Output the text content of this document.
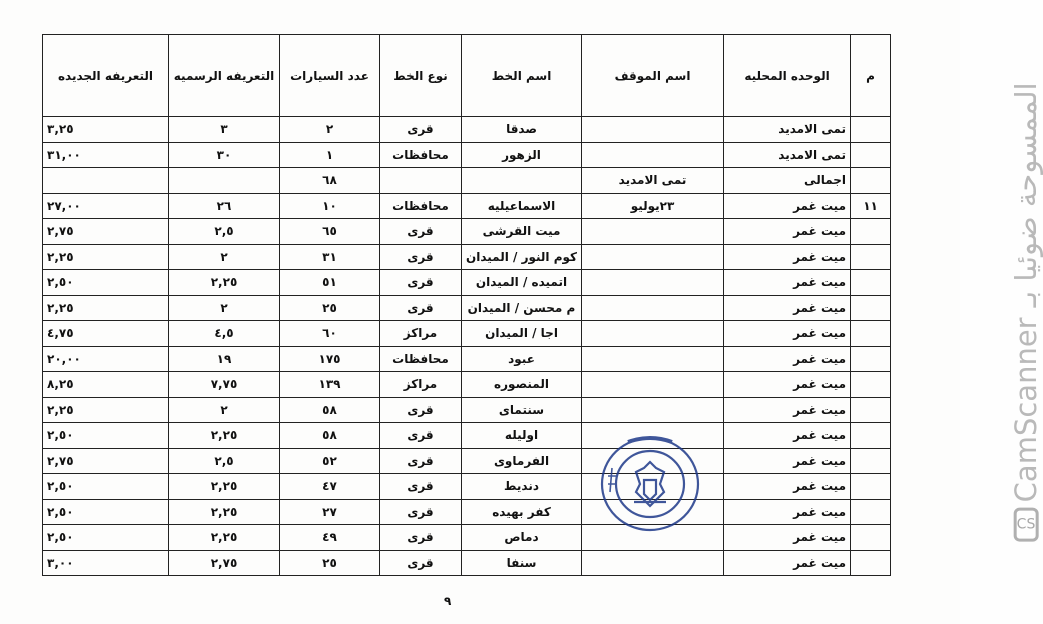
م	الوحده المحليه	اسم الموقف	اسم الخط	نوع الخط	عدد السيارات	التعريفه الرسميه	التعريفه الجديده
	تمى الامديد		صدقا	قرى	٢	٣	٣,٢٥
	تمى الامديد		الزهور	محافظات	١	٣٠	٣١,٠٠
	اجمالى	تمى الامديد			٦٨		
١١	ميت غمر	٢٣يوليو	الاسماعيليه	محافظات	١٠	٢٦	٢٧,٠٠
	ميت غمر		ميت القرشى	قرى	٦٥	٢,٥	٢,٧٥
	ميت غمر		كوم النور / الميدان	قرى	٣١	٢	٢,٢٥
	ميت غمر		اتميده / الميدان	قرى	٥١	٢,٢٥	٢,٥٠
	ميت غمر		م محسن / الميدان	قرى	٢٥	٢	٢,٢٥
	ميت غمر		اجا / الميدان	مراكز	٦٠	٤,٥	٤,٧٥
	ميت غمر		عبود	محافظات	١٧٥	١٩	٢٠,٠٠
	ميت غمر		المنصوره	مراكز	١٣٩	٧,٧٥	٨,٢٥
	ميت غمر		سنتماى	قرى	٥٨	٢	٢,٢٥
	ميت غمر		اوليله	قرى	٥٨	٢,٢٥	٢,٥٠
	ميت غمر		الفرماوى	قرى	٥٢	٢,٥	٢,٧٥
	ميت غمر		دنديط	قرى	٤٧	٢,٢٥	٢,٥٠
	ميت غمر		كفر بهيده	قرى	٢٧	٢,٢٥	٢,٥٠
	ميت غمر		دماص	قرى	٤٩	٢,٢٥	٢,٥٠
	ميت غمر		سنفا	قرى	٢٥	٢,٧٥	٣,٠٠
٩
CS
CamScanner
الممسوحة ضوئيا بـ
